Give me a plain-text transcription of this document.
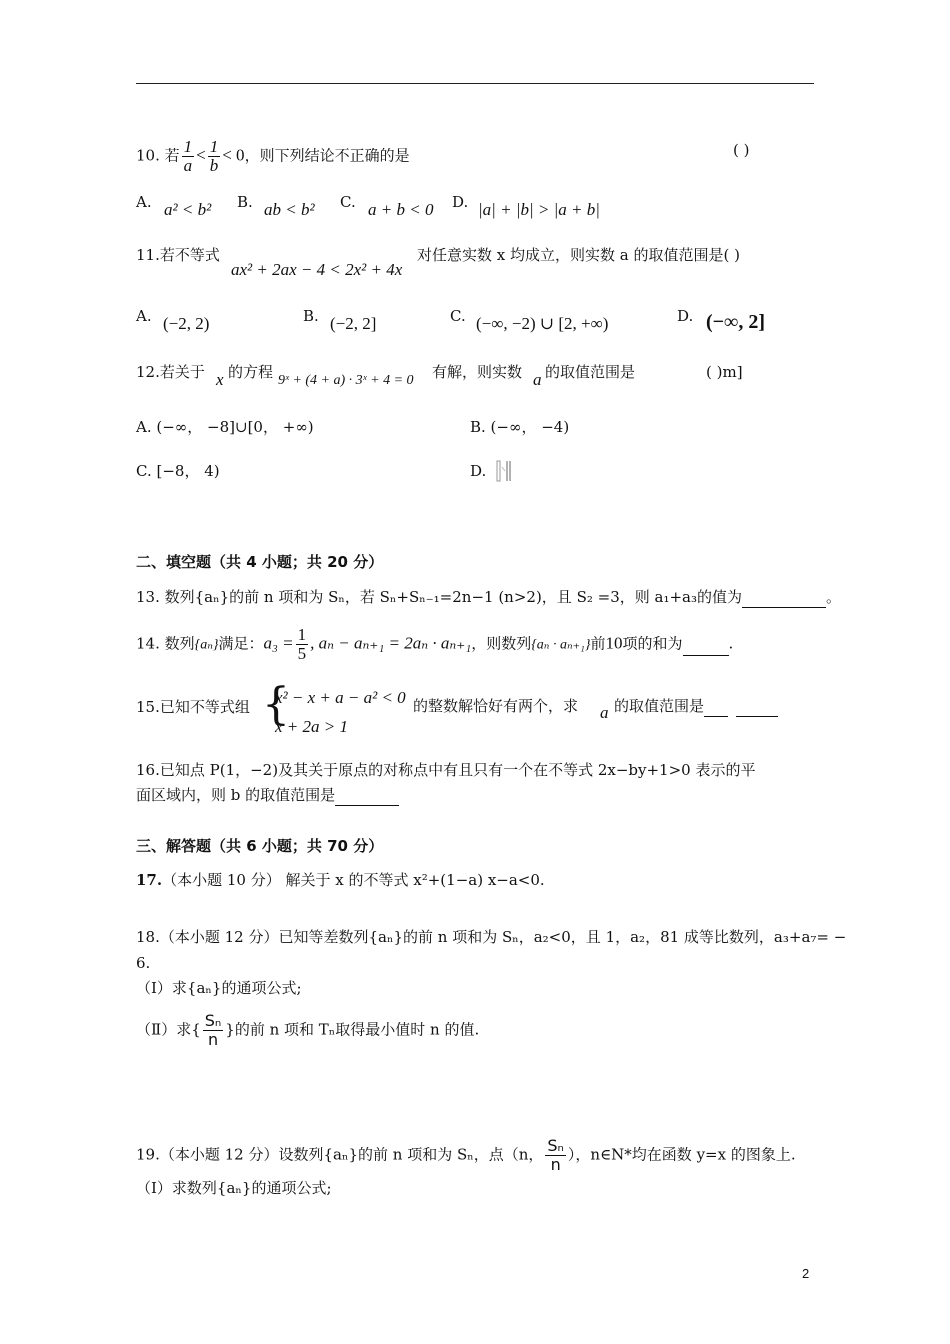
10. 若 $\frac{1}{a} < \frac{1}{b} < 0$，则下列结论不正确的是	( )
A. a² < b² B. ab < b² C. a + b < 0 D. |a| + |b| > |a + b|
11.若不等式
ax² + 2ax − 4 < 2x² + 4x
对任意实数 x 均成立，则实数 a 的取值范围是( )
A. (−2, 2)	B. (−2, 2]	C. (−∞, −2) ∪ [2, +∞)	D. (−∞, 2]
12.若关于 x 的方程 9ˣ + (4 + a) · 3ˣ + 4 = 0 有解，则实数 a 的取值范围是	( )m]
A. (−∞， −8]∪[0， +∞)	B. (−∞， −4)
C. [−8， 4)	D.
二、填空题（共 4 小题；共 20 分）
13. 数列{aₙ}的前 n 项和为 Sₙ，若 Sₙ+Sₙ₋₁=2n−1 (n>2)，且 S₂ =3，则 a₁+a₃的值为	。
14. 数列{aₙ}满足：$a_3 = \frac{1}{5}$ , aₙ − aₙ₊₁ = 2aₙ · aₙ₊₁，则数列{aₙ · aₙ₊₁}前10项的和为	.
15.已知不等式组 {
x² − x + a − a² < 0
x + 2a > 1
的整数解恰好有两个，求 a 的取值范围是
16.已知点 P(1，−2)及其关于原点的对称点中有且只有一个在不等式 2x−by+1>0 表示的平
面区域内，则 b 的取值范围是
三、解答题（共 6 小题；共 70 分）
17.（本小题 10 分） 解关于 x 的不等式 x²+(1−a) x−a<0.
18.（本小题 12 分）已知等差数列{aₙ}的前 n 项和为 Sₙ，a₂<0，且 1，a₂，81 成等比数列，a₃+a₇= −
6.
（Ⅰ）求{aₙ}的通项公式;
（Ⅱ）求{ $\frac{\text{Sₙ}}{n}$ }的前 n 项和 Tₙ取得最小值时 n 的值.
19.（本小题 12 分）设数列{aₙ}的前 n 项和为 Sₙ，点（n， $\frac{\text{Sₙ}}{n}$ ），n∈N*均在函数 y=x 的图象上.
（Ⅰ）求数列{aₙ}的通项公式;
2
